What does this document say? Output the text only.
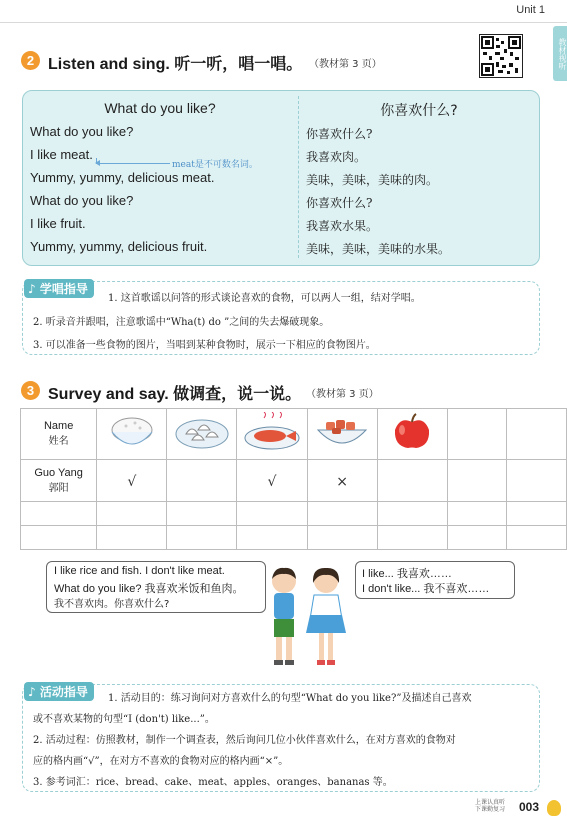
Unit 1
教材视听
2 Listen and sing. 听一听，唱一唱。 （教材第 3 页）
What do you like?	你喜欢什么?
What do you like?
I like meat.
Yummy, yummy, delicious meat.
What do you like?
I like fruit.
Yummy, yummy, delicious fruit.
你喜欢什么?
我喜欢肉。
美味，美味，美味的肉。
你喜欢什么?
我喜欢水果。
美味，美味，美味的水果。
meat是不可数名词。
♪ 学唱指导
1. 这首歌谣以问答的形式谈论喜欢的食物，可以两人一组，结对学唱。
2. 听录音并跟唱，注意歌谣中“Wha(t) do ”之间的失去爆破现象。
3. 可以准备一些食物的图片，当唱到某种食物时，展示一下相应的食物图片。
3 Survey and say. 做调查，说一说。 （教材第 3 页）
Name
姓名

Guo Yang
郭阳	√		√	×			

I like rice and fish. I don't like meat.
What do you like? 我喜欢米饭和鱼肉。
我不喜欢肉。你喜欢什么?
I like... 我喜欢……
I don't like... 我不喜欢……
♪ 活动指导	1. 活动目的：练习询问对方喜欢什么的句型“What do you like?”及描述自己喜欢
或不喜欢某物的句型“I (don't) like...”。
2. 活动过程：仿照教材，制作一个调查表，然后询问几位小伙伴喜欢什么，在对方喜欢的食物对
应的格内画“√”，在对方不喜欢的食物对应的格内画“×”。
3. 参考词汇：rice、bread、cake、meat、apples、oranges、bananas 等。
上课认真听
下课勤复习 003
